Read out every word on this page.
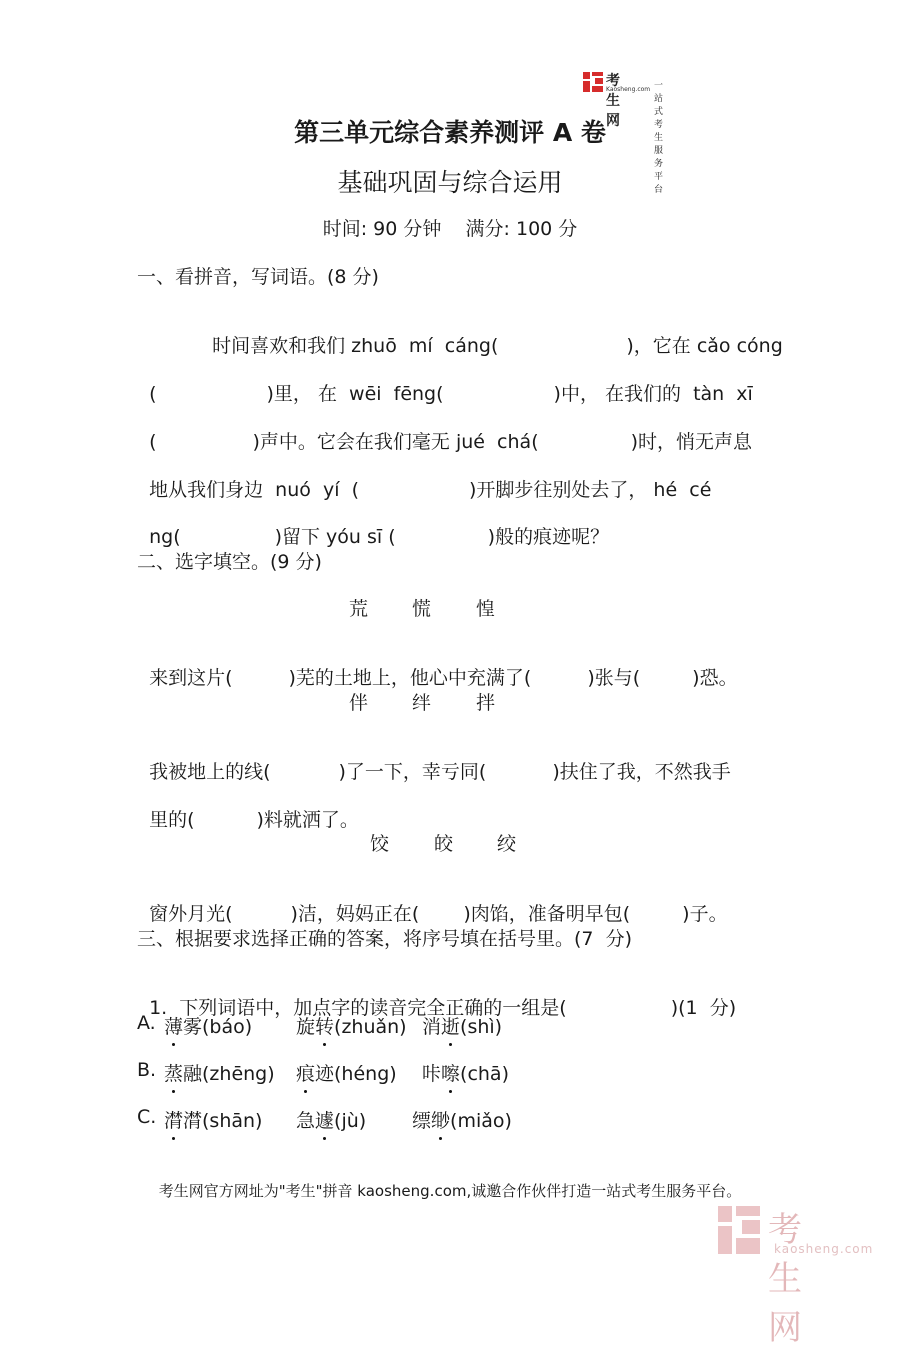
考生网
Kaosheng.com 一站式考生服务平台
第三单元综合素养测评 A 卷
基础巩固与综合运用
时间: 90 分钟    满分: 100 分
一、看拼音，写词语。(8 分)

时间喜欢和我们 zhuō  mí  cáng(	)，它在 cǎo cóng

(	)里， 在  wēi  fēng(	)中， 在我们的  tàn  xī

(	)声中。它会在我们毫无 jué  chá(	)时，悄无声息

地从我们身边  nuó  yí  (	)开脚步往别处去了， hé  cé

ng(	)留下 yóu sī (	)般的痕迹呢？

二、选字填空。(9 分)
荒 慌 惶

来到这片(	)芜的土地上，他心中充满了(	)张与(	)恐。

伴 绊 拌

我被地上的线(	)了一下，幸亏同(	)扶住了我，不然我手

里的(	)料就洒了。

饺 皎 绞

窗外月光(	)洁，妈妈正在( )肉馅，准备明早包(	)子。

三、根据要求选择正确的答案，将序号填在括号里。(7  分)

1.  下列词语中，加点字的读音完全正确的一组是(	)(1  分)

A. 薄雾(báo) 旋转(zhuǎn) 消逝(shì)
B. 蒸融(zhēng) 痕迹(héng) 咔嚓(chā)
C. 潸潸(shān) 急遽(jù) 缥缈(miǎo)
考生网官方网址为"考生"拼音 kaosheng.com,诚邀合作伙伴打造一站式考生服务平台。
考生网
kaosheng.com
